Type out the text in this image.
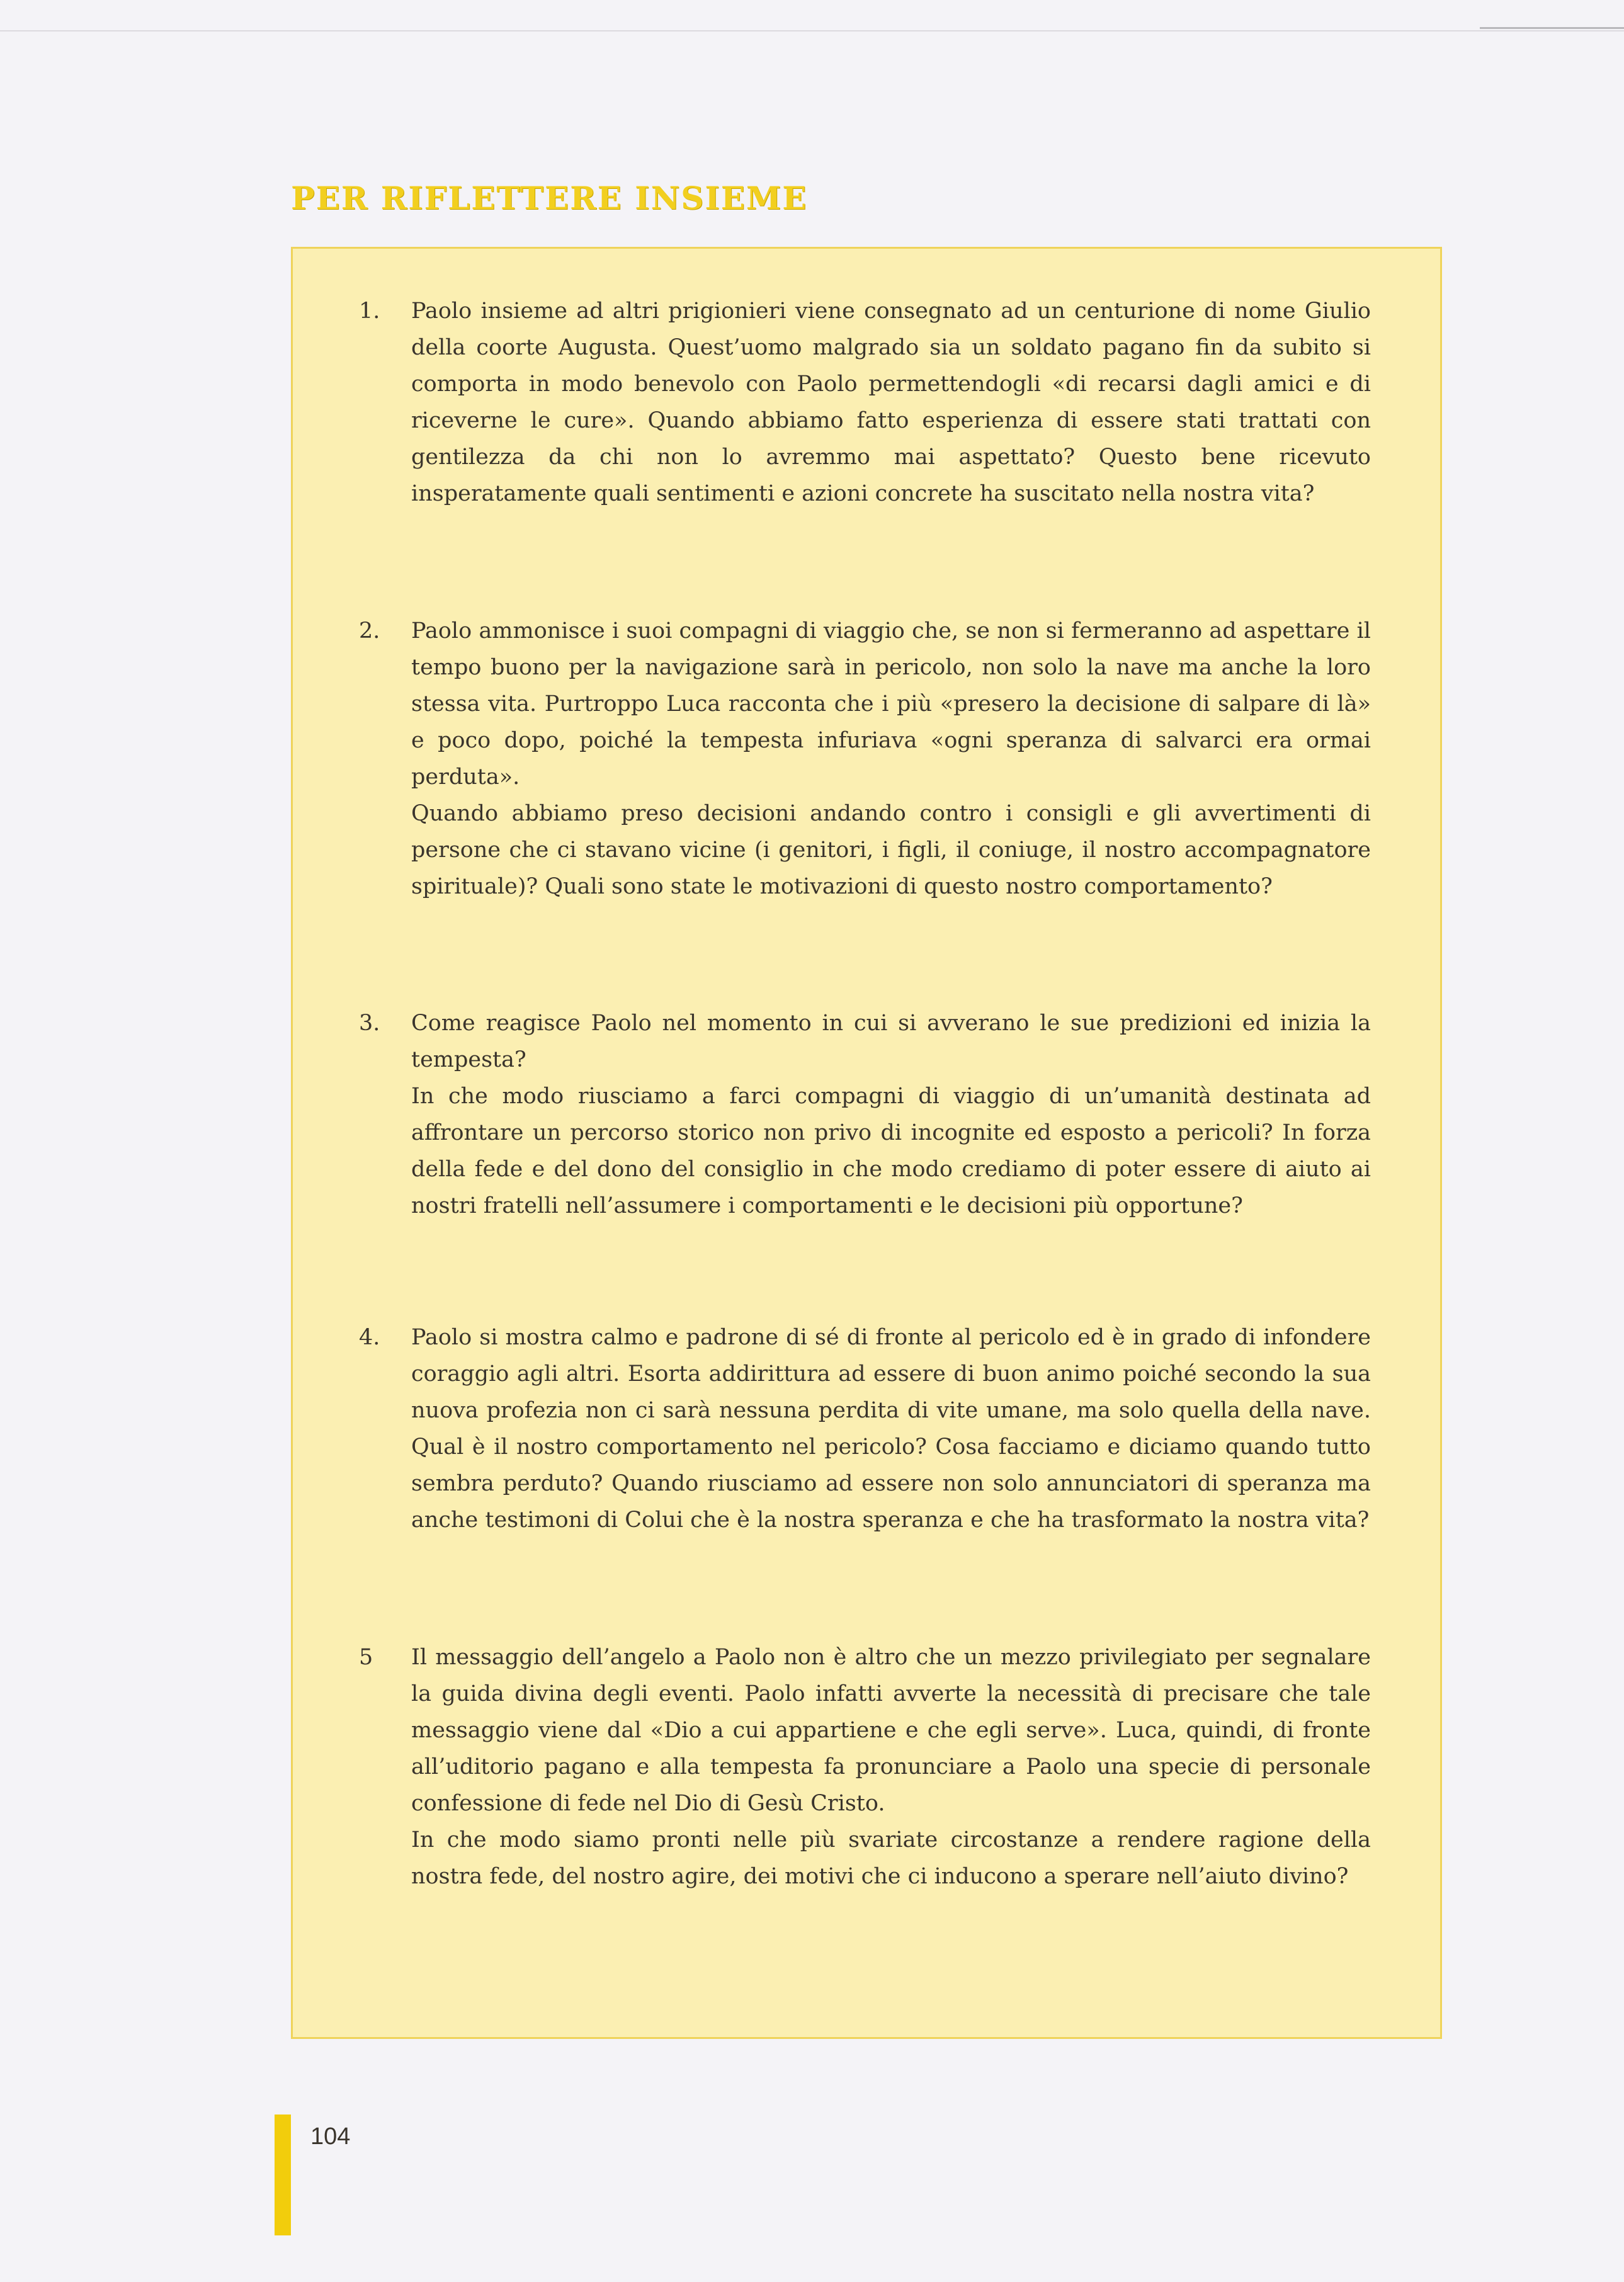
PER RIFLETTERE INSIEME
1.	Paolo insieme ad altri prigionieri viene consegnato ad un centurione di nome Giulio della coorte Augusta. Quest’uomo malgrado sia un soldato pagano fin da subito si comporta in modo benevolo con Paolo permettendogli «di recarsi dagli amici e di riceverne le cure». Quando abbiamo fatto esperienza di essere stati trattati con gentilezza da chi non lo avremmo mai aspettato? Questo bene ricevuto insperatamente quali sentimenti e azioni concrete ha suscitato nella nostra vita?

2.	Paolo ammonisce i suoi compagni di viaggio che, se non si fermeranno ad aspettare il tempo buono per la navigazione sarà in pericolo, non solo la nave ma anche la loro stessa vita. Purtroppo Luca racconta che i più «presero la decisione di salpare di là» e poco dopo, poiché la tempesta infuriava «ogni speranza di salvarci era ormai perduta».

Quando abbiamo preso decisioni andando contro i consigli e gli avvertimenti di persone che ci stavano vicine (i genitori, i figli, il coniuge, il nostro accompagnatore spirituale)? Quali sono state le motivazioni di questo nostro comportamento?

3.	Come reagisce Paolo nel momento in cui si avverano le sue predizioni ed inizia la tempesta?

In che modo riusciamo a farci compagni di viaggio di un’umanità destinata ad affrontare un percorso storico non privo di incognite ed esposto a pericoli? In forza della fede e del dono del consiglio in che modo crediamo di poter essere di aiuto ai nostri fratelli nell’assumere i comportamenti e le decisioni più opportune?

4.	Paolo si mostra calmo e padrone di sé di fronte al pericolo ed è in grado di infondere coraggio agli altri. Esorta addirittura ad essere di buon animo poiché secondo la sua nuova profezia non ci sarà nessuna perdita di vite umane, ma solo quella della nave. Qual è il nostro comportamento nel pericolo? Cosa facciamo e diciamo quando tutto sembra perduto? Quando riusciamo ad essere non solo annunciatori di speranza ma anche testimoni di Colui che è la nostra speranza e che ha trasformato la nostra vita?

5	Il messaggio dell’angelo a Paolo non è altro che un mezzo privilegiato per segnalare la guida divina degli eventi. Paolo infatti avverte la necessità di precisare che tale messaggio viene dal «Dio a cui appartiene e che egli serve». Luca, quindi, di fronte all’uditorio pagano e alla tempesta fa pronunciare a Paolo una specie di personale confessione di fede nel Dio di Gesù Cristo.

In che modo siamo pronti nelle più svariate circostanze a rendere ragione della nostra fede, del nostro agire, dei motivi che ci inducono a sperare nell’aiuto divino?

104
